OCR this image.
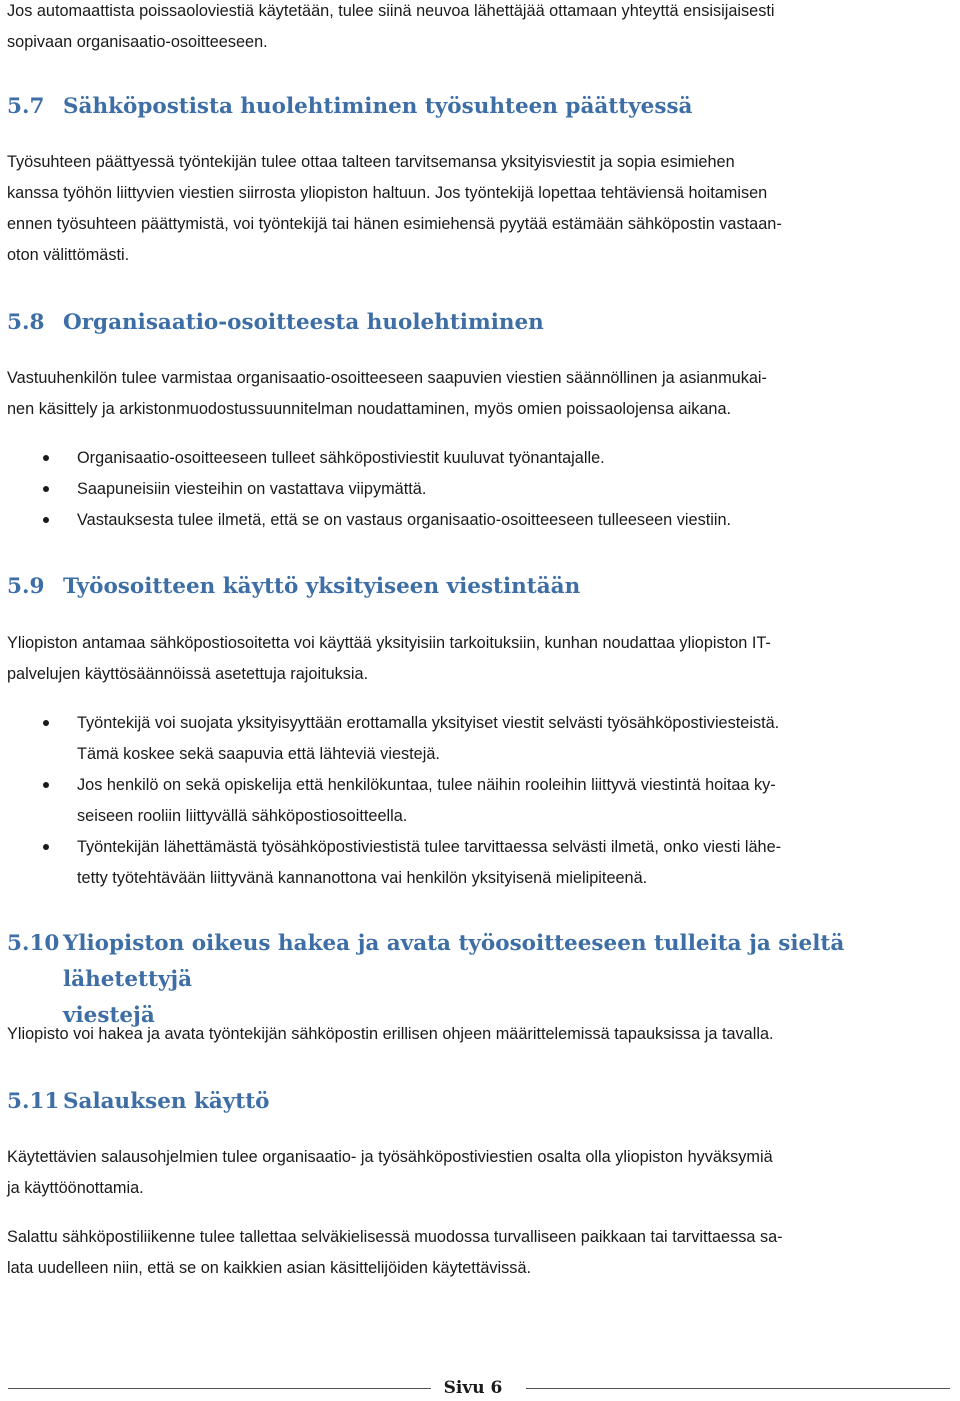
Jos automaattista poissaoloviestiä käytetään, tulee siinä neuvoa lähettäjää ottamaan yhteyttä ensisijaisesti

sopivaan organisaatio-osoitteeseen.

5.7 Sähköpostista huolehtiminen työsuhteen päättyessä

Työsuhteen päättyessä työntekijän tulee ottaa talteen tarvitsemansa yksityisviestit ja sopia esimiehen

kanssa työhön liittyvien viestien siirrosta yliopiston haltuun. Jos työntekijä lopettaa tehtäviensä hoitamisen

ennen työsuhteen päättymistä, voi työntekijä tai hänen esimiehensä pyytää estämään sähköpostin vastaan-

oton välittömästi.

5.8 Organisaatio-osoitteesta huolehtiminen

Vastuuhenkilön tulee varmistaa organisaatio-osoitteeseen saapuvien viestien säännöllinen ja asianmukai-

nen käsittely ja arkistonmuodostussuunnitelman noudattaminen, myös omien poissaolojensa aikana.

Organisaatio-osoitteeseen tulleet sähköpostiviestit kuuluvat työnantajalle.
Saapuneisiin viesteihin on vastattava viipymättä.
Vastauksesta tulee ilmetä, että se on vastaus organisaatio-osoitteeseen tulleeseen viestiin.
5.9 Työosoitteen käyttö yksityiseen viestintään

Yliopiston antamaa sähköpostiosoitetta voi käyttää yksityisiin tarkoituksiin, kunhan noudattaa yliopiston IT-

palvelujen käyttösäännöissä asetettuja rajoituksia.

Työntekijä voi suojata yksityisyyttään erottamalla yksityiset viestit selvästi työsähköpostiviesteistä.
Tämä koskee sekä saapuvia että lähteviä viestejä.
Jos henkilö on sekä opiskelija että henkilökuntaa, tulee näihin rooleihin liittyvä viestintä hoitaa ky-
seiseen rooliin liittyvällä sähköpostiosoitteella.
Työntekijän lähettämästä työsähköpostiviestistä tulee tarvittaessa selvästi ilmetä, onko viesti lähe-
tetty työtehtävään liittyvänä kannanottona vai henkilön yksityisenä mielipiteenä.
5.10 Yliopiston oikeus hakea ja avata työosoitteeseen tulleita ja sieltä lähetettyjä
viestejä

Yliopisto voi hakea ja avata työntekijän sähköpostin erillisen ohjeen määrittelemissä tapauksissa ja tavalla.

5.11 Salauksen käyttö

Käytettävien salausohjelmien tulee organisaatio- ja työsähköpostiviestien osalta olla yliopiston hyväksymiä

ja käyttöönottamia.

Salattu sähköpostiliikenne tulee tallettaa selväkielisessä muodossa turvalliseen paikkaan tai tarvittaessa sa-

lata uudelleen niin, että se on kaikkien asian käsittelijöiden käytettävissä.

Sivu 6
